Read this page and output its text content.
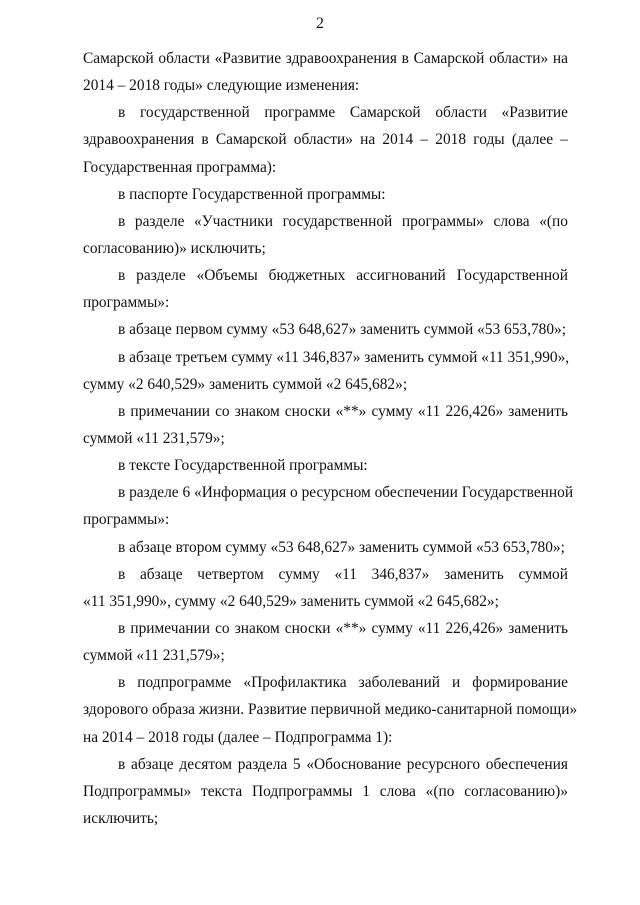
2
Самарской области «Развитие здравоохранения в Самарской области» на
2014 – 2018 годы» следующие изменения:
в государственной программе Самарской области «Развитие
здравоохранения в Самарской области» на 2014 – 2018 годы (далее –
Государственная программа):
в паспорте Государственной программы:
в разделе «Участники государственной программы» слова «(по
согласованию)» исключить;
в разделе «Объемы бюджетных ассигнований Государственной
программы»:
в абзаце первом сумму «53 648,627» заменить суммой «53 653,780»;
в абзаце третьем сумму «11 346,837» заменить суммой «11 351,990»,
сумму «2 640,529» заменить суммой «2 645,682»;
в примечании со знаком сноски «**» сумму «11 226,426» заменить
суммой «11 231,579»;
в тексте Государственной программы:
в разделе 6 «Информация о ресурсном обеспечении Государственной
программы»:
в абзаце втором сумму «53 648,627» заменить суммой «53 653,780»;
в абзаце четвертом сумму «11 346,837» заменить суммой
«11 351,990», сумму «2 640,529» заменить суммой «2 645,682»;
в примечании со знаком сноски «**» сумму «11 226,426» заменить
суммой «11 231,579»;
в подпрограмме «Профилактика заболеваний и формирование
здорового образа жизни. Развитие первичной медико-санитарной помощи»
на 2014 – 2018 годы (далее – Подпрограмма 1):
в абзаце десятом раздела 5 «Обоснование ресурсного обеспечения
Подпрограммы» текста Подпрограммы 1 слова «(по согласованию)»
исключить;
